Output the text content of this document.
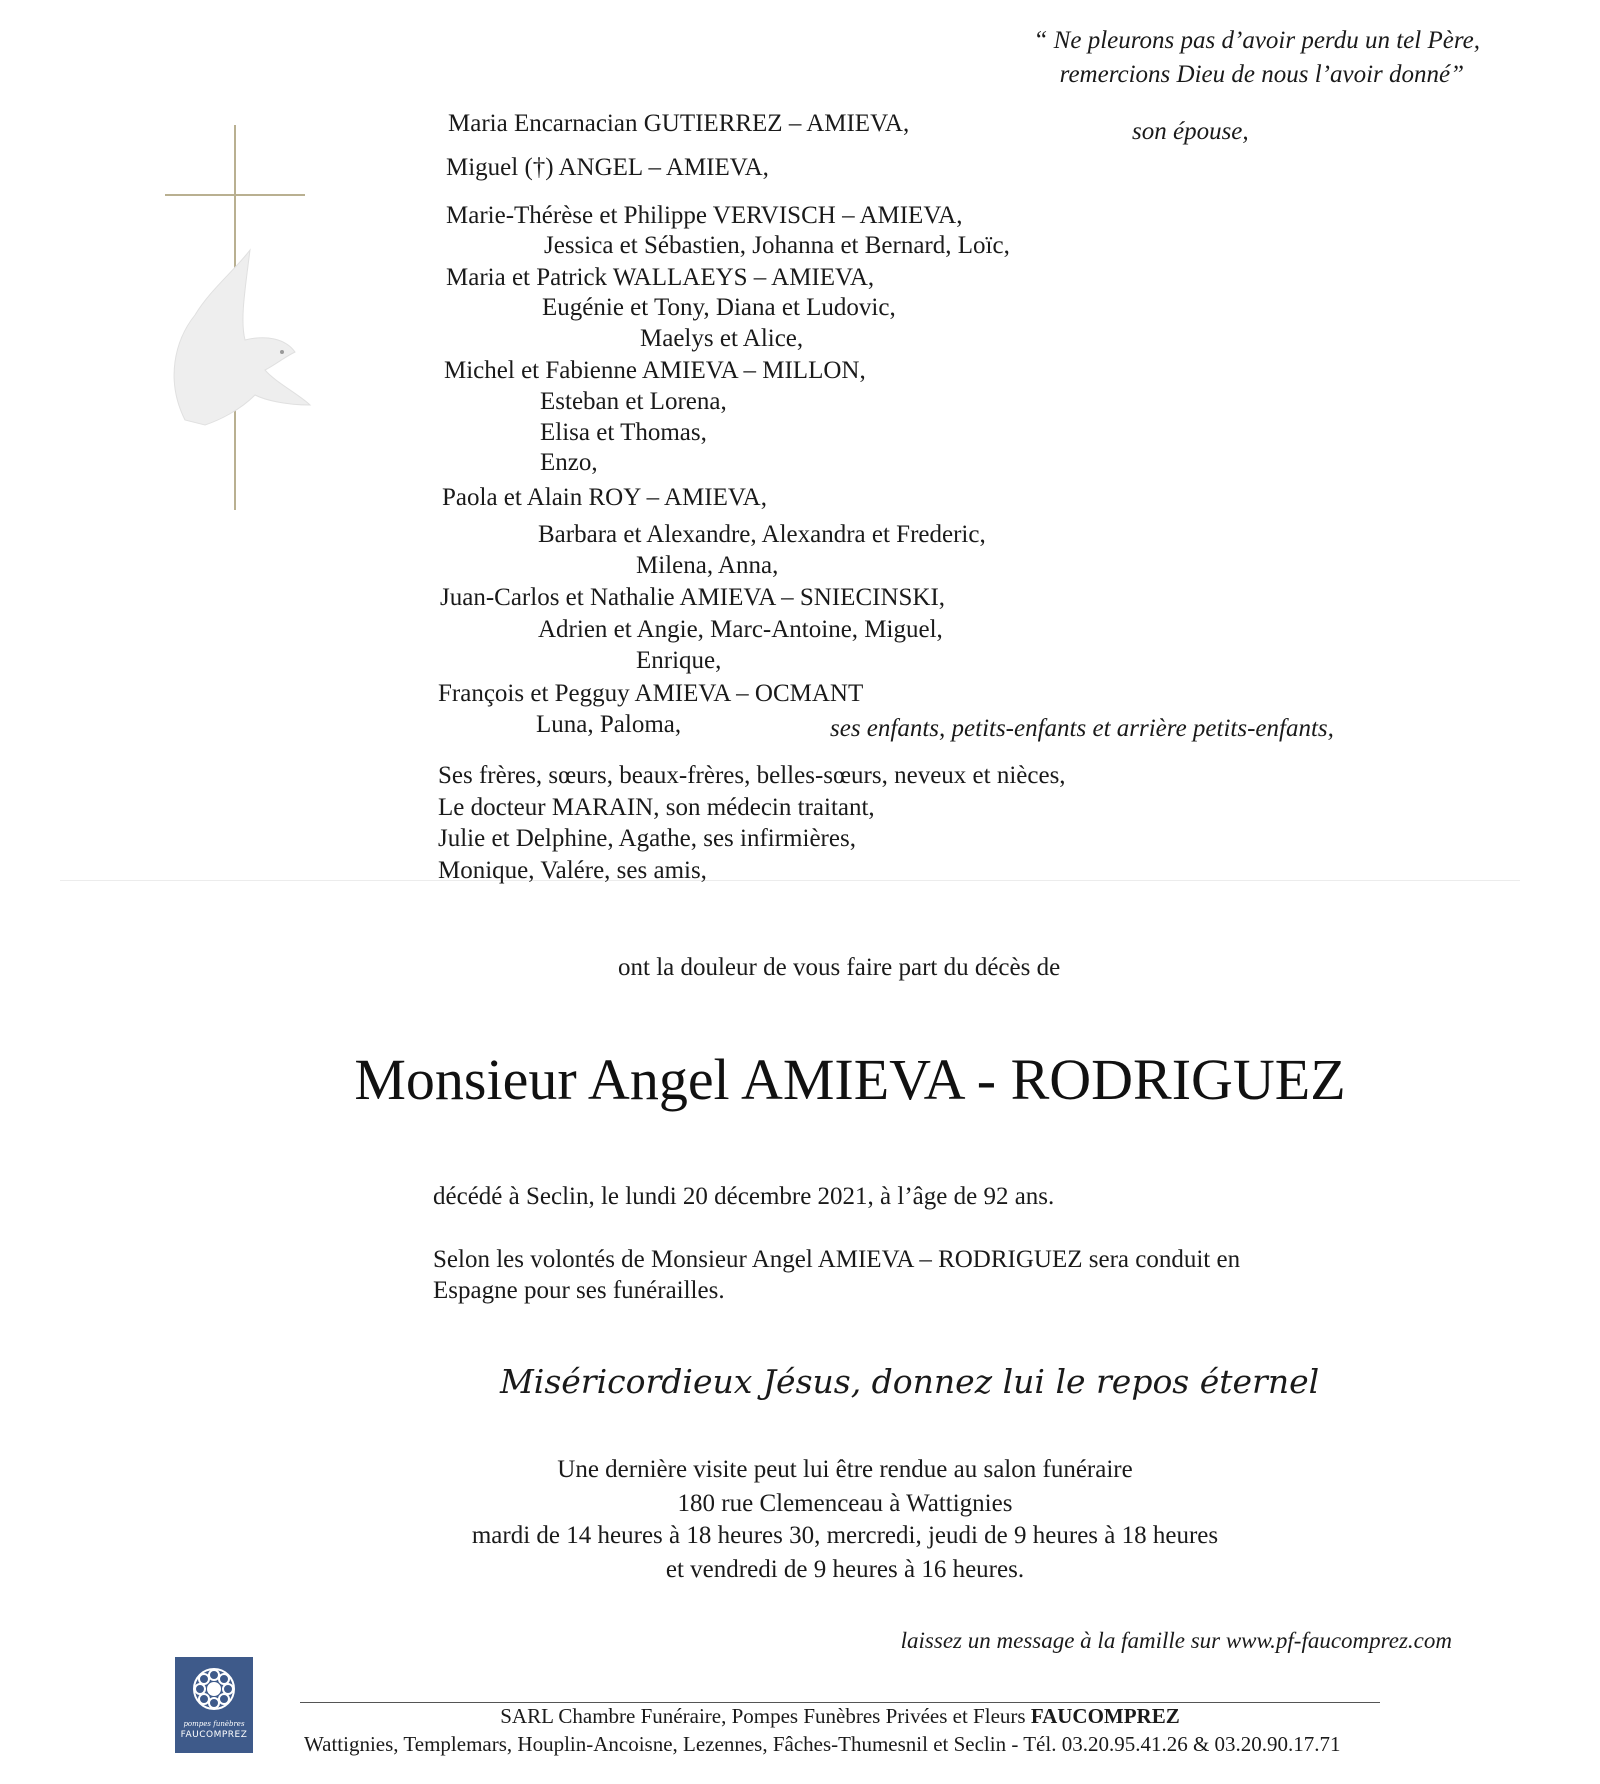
“ Ne pleurons pas d’avoir perdu un tel Père,
remercions Dieu de nous l’avoir donné”
Maria Encarnacian GUTIERREZ – AMIEVA,	son épouse,
Miguel (†) ANGEL – AMIEVA,
Marie-Thérèse et Philippe VERVISCH – AMIEVA,
Jessica et Sébastien, Johanna et Bernard, Loïc,
Maria et Patrick WALLAEYS – AMIEVA,
Eugénie et Tony, Diana et Ludovic,
Maelys et Alice,
Michel et Fabienne AMIEVA – MILLON,
Esteban et Lorena,
Elisa et Thomas,
Enzo,
Paola et Alain ROY – AMIEVA,
Barbara et Alexandre, Alexandra et Frederic,
Milena, Anna,
Juan-Carlos et Nathalie AMIEVA – SNIECINSKI,
Adrien et Angie, Marc-Antoine, Miguel,
Enrique,
François et Pegguy AMIEVA – OCMANT
Luna, Paloma,	ses enfants, petits-enfants et arrière petits-enfants,
Ses frères, sœurs, beaux-frères, belles-sœurs, neveux et nièces,
Le docteur MARAIN, son médecin traitant,
Julie et Delphine, Agathe, ses infirmières,
Monique, Valére, ses amis,
ont la douleur de vous faire part du décès de
Monsieur Angel AMIEVA - RODRIGUEZ
décédé à Seclin, le lundi 20 décembre 2021, à l’âge de 92 ans.
Selon les volontés de Monsieur Angel AMIEVA – RODRIGUEZ sera conduit en
Espagne pour ses funérailles.
Miséricordieux Jésus, donnez lui le repos éternel
Une dernière visite peut lui être rendue au salon funéraire
180 rue Clemenceau à Wattignies
mardi de 14 heures à 18 heures 30, mercredi, jeudi de 9 heures à 18 heures
et vendredi de 9 heures à 16 heures.
laissez un message à la famille sur www.pf-faucomprez.com
pompes funèbres
FAUCOMPREZ
SARL Chambre Funéraire, Pompes Funèbres Privées et Fleurs FAUCOMPREZ
Wattignies, Templemars, Houplin-Ancoisne, Lezennes, Fâches-Thumesnil et Seclin - Tél. 03.20.95.41.26 & 03.20.90.17.71
